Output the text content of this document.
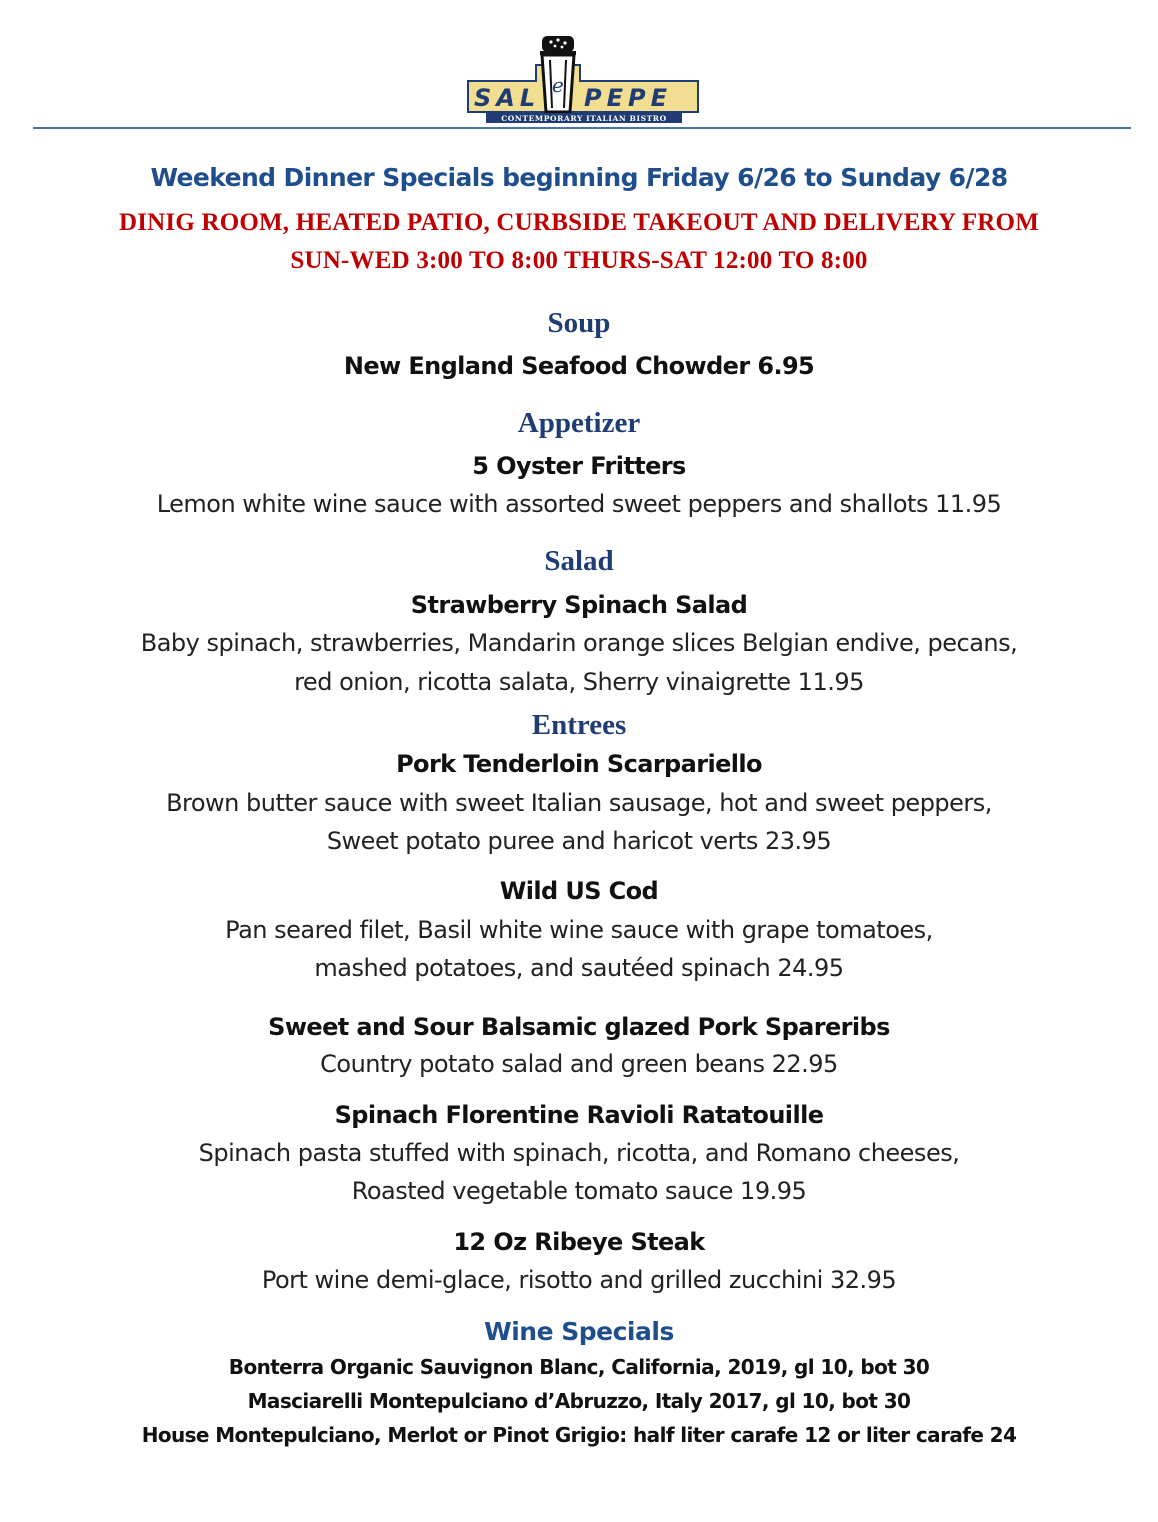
SAL e PEPE
CONTEMPORARY ITALIAN BISTRO
Weekend Dinner Specials beginning Friday 6/26 to Sunday 6/28
DINIG ROOM, HEATED PATIO, CURBSIDE TAKEOUT AND DELIVERY FROM
SUN-WED 3:00 TO 8:00 THURS-SAT 12:00 TO 8:00
Soup
New England Seafood Chowder 6.95
Appetizer
5 Oyster Fritters
Lemon white wine sauce with assorted sweet peppers and shallots 11.95
Salad
Strawberry Spinach Salad
Baby spinach, strawberries, Mandarin orange slices Belgian endive, pecans,
red onion, ricotta salata, Sherry vinaigrette 11.95
Entrees
Pork Tenderloin Scarpariello
Brown butter sauce with sweet Italian sausage, hot and sweet peppers,
Sweet potato puree and haricot verts 23.95
Wild US Cod
Pan seared filet, Basil white wine sauce with grape tomatoes,
mashed potatoes, and sautéed spinach 24.95
Sweet and Sour Balsamic glazed Pork Spareribs
Country potato salad and green beans 22.95
Spinach Florentine Ravioli Ratatouille
Spinach pasta stuffed with spinach, ricotta, and Romano cheeses,
Roasted vegetable tomato sauce 19.95
12 Oz Ribeye Steak
Port wine demi-glace, risotto and grilled zucchini 32.95
Wine Specials
Bonterra Organic Sauvignon Blanc, California, 2019, gl 10, bot 30
Masciarelli Montepulciano d’Abruzzo, Italy 2017, gl 10, bot 30
House Montepulciano, Merlot or Pinot Grigio: half liter carafe 12 or liter carafe 24
